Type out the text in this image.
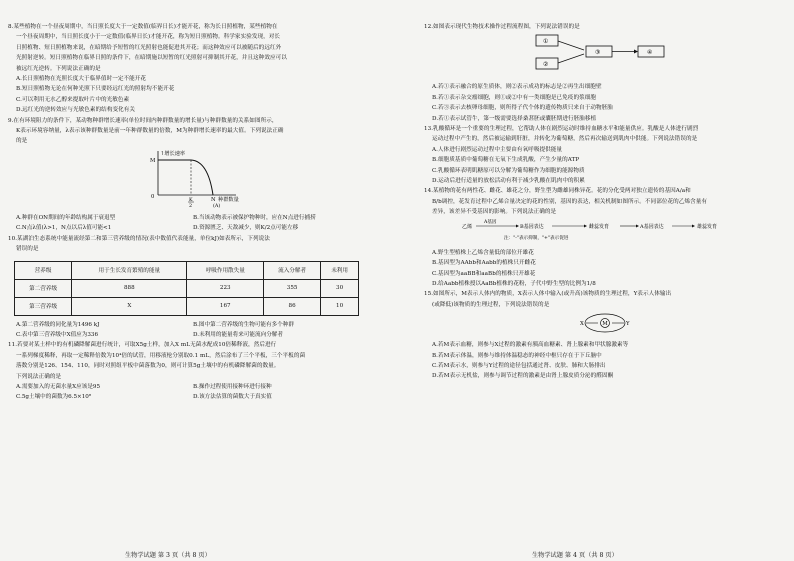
8.某些植物在一个昼夜周期中，当日照长度大于一定数值(临界日长)才能开花，称为长日照植物，某些植物在
一个昼夜周期中，当日照长度小于一定数值(临界日长)才能开花，称为短日照植物。科学家实验发现，对长
日照植物、短日照植物来说，在暗期给予短暂的红光照射也能促进其开花；而这种效应可以被随后的远红外
光照射逆转。短日照植物在临界日照的条件下，在暗期施以短暂的红光照射可抑制其开花，并且这种效应可以
被远红光逆转。下列说法正确的是
A.长日照植物在光照长度大于临界值时一定不能开花
B.短日照植物无论在何种光照下只要经远红光的照射均不能开花
C.可以利用无水乙醇来提取叶片中的光敏色素
D.远红光的逆转效应与光敏色素的结构变化有关
9.在有环境阻力的条件下，某动物种群增长速率(单位时间内种群数量的增长量)与种群数量的关系如图所示，
K表示环境容纳量，λ表示该种群数量是前一年种群数量的倍数，M为种群增长速率的最大值。下列说法正确
的是
↑增长速率
M
0
K
2
N 种群数量
(A)
A.种群在ON期间的年龄结构属于衰退型	B.当该动物表示被保护物种时，应在N点进行捕捞
C.N点λ值(λ>1，N点以后λ值可能<1	D.资源匮乏、天敌减少，则K/2点可能左移
10.某湖泊生态系统中能量流经第二和第三营养级的情况(表中数值代表能量，单位kJ)如表所示，下列说法
错误的是
营养级	用于生长发育繁殖的能量	呼吸作用散失量	流入分解者	未利用
第二营养级	888	223	355	30
第三营养级	X	167	86	10
A.第二营养级的同化量为1496 kJ	B.图中第二营养级的生物可能有多个种群
C.表中第三营养级中X值应为336	D.未利用的能量将来可能流向分解者
11.若要对某土样中的有机磷降解菌进行统计，可取X5g土样，加入X mL无菌水配成10倍稀释液，然后进行
一系列梯度稀释，再取一定稀释倍数为10⁴倍的试管，用移液枪分别取0.1 mL，然后涂布了三个平板，三个平板的菌
落数分别是126、154、110，同时对照组平板中菌落数为0，则可计算5g土壤中的有机磷降解菌的数量。
下列说法正确的是
A.需要加入的无菌水量X应该是95	B.操作过程使用接种环进行接种
C.5g土壤中的菌数为6.5×10⁸	D.该方法估算的菌数大于真实值
生物学试题 第 3 页（共 8 页）
12.如图表示现代生物技术操作过程流程图，下列说法错误的是
①
②
③	④
A.若①表示融合的原生质体，则②表示成功的标志是②再生出细胞壁
B.若①表示杂交瘤细胞，则①或②中有一类细胞是已免疫的浆细胞
C.若③表示去核卵母细胞，则所得子代个体的遗传物质只来自于动物胚胎
D.若①表示试管牛，第一级需要选择桑葚胚或囊胚期进行胚胎移植
13.乳酸循环是一个重要的生理过程，它帮助人体在剧烈运动时维持血糖水平和能量供应。乳酸是人体进行剧烈
运动过程中产生的，然后被运输到肝脏，并转化为葡萄糖，然后再次输送到肌肉中供能。下列说法错误的是
A.人体进行剧烈运动过程中主要由有氧呼吸提供能量
B.细胞质基质中葡萄糖在无氧下生成乳酸，产生少量的ATP
C.乳酸循环表明肌糖原可以分解为葡萄糖作为细胞的能源物质
D.运动后进行适量的放松活动有利于减少乳酸在肌肉中的积累
14.某植物的花有两性花、雌花、雄花之分，野生型为雌雄同株异花。花的分化受两对独立遗传的基因A/a和
B/b调控，花发育过程中乙烯合量决定的花的性别，基因的表达，相关机制如图所示。不同部位花的乙烯含量有
差异，该差异不受基因的影响。下列说法正确的是
乙烯
A基因
B基因表达	雌蕊发育	A基因表达	雄蕊发育
注："-"表示抑制，"+"表示促进
A.野生型植株上乙烯含量低的部位开雄花
B.基因型为AAbb和Aabb的植株只开雌花
C.基因型为aaBB和aaBb的植株只开雄花
D.给Aabb植株授以AaBb植株的花粉，子代中野生型的比例为1/8
15.如图所示，M表示人体内的物质，X表示人体中输入(或升高)该物质的生理过程，Y表示人体输出
(或降低)该物质的生理过程，下列说法错误的是
M
X	Y
A.若M表示血糖，则参与X过程的激素有胰高血糖素、肾上腺素和甲状腺激素等
B.若M表示体温，则参与维持体温稳态的神经中枢只存在于下丘脑中
C.若M表示水，则参与Y过程的途径包括通过肾、皮肤、肺和大肠排出
D.若M表示无机盐，则参与调节过程的激素是由肾上腺皮质分泌的醛固酮
生物学试题 第 4 页（共 8 页）
